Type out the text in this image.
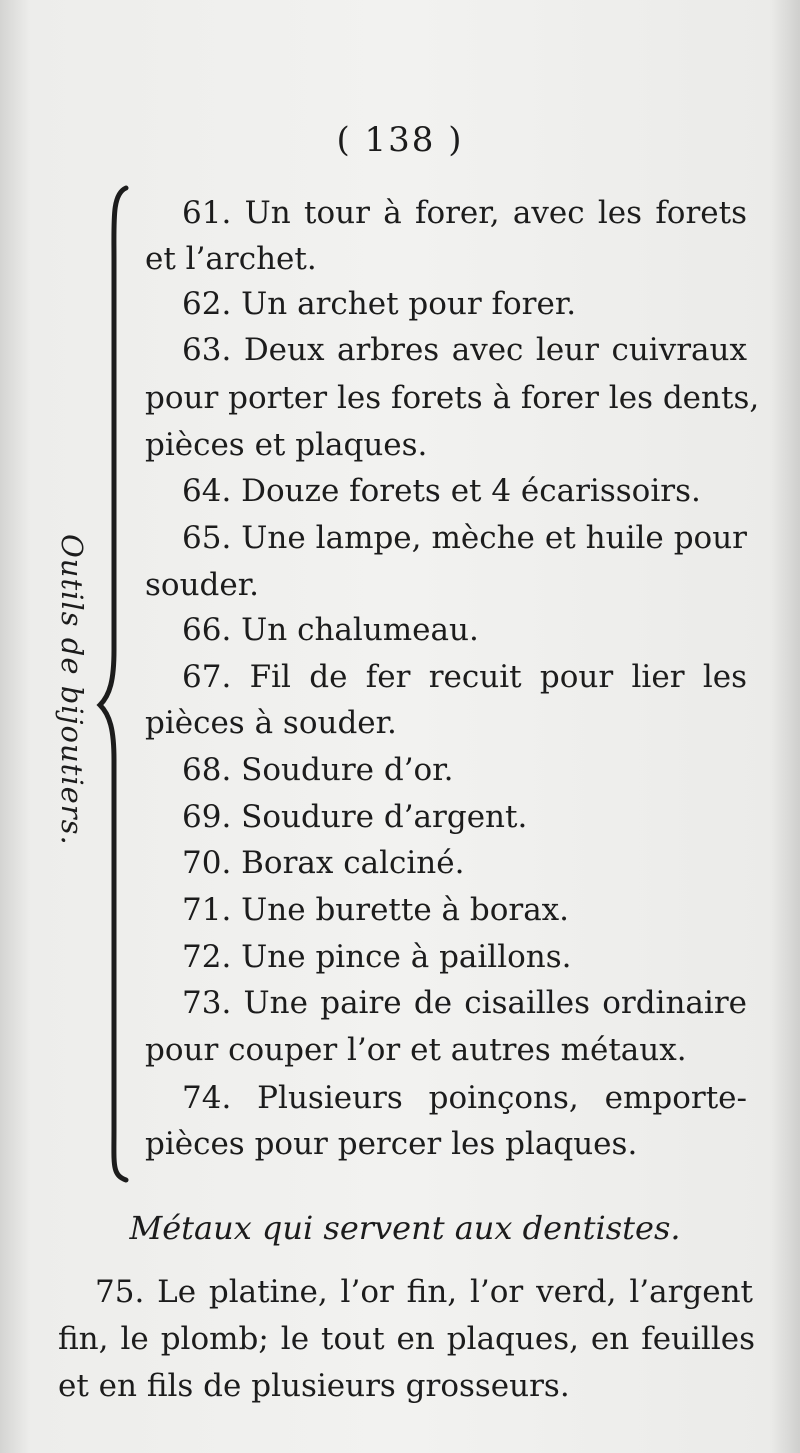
( 138 )
Outils de bijoutiers.
61. Un tour à forer, avec les forets
et l’archet.
62. Un archet pour forer.
63. Deux arbres avec leur cuivraux
pour porter les forets à forer les dents,
pièces et plaques.
64. Douze forets et 4 écarissoirs.
65. Une lampe, mèche et huile pour
souder.
66. Un chalumeau.
67. Fil de fer recuit pour lier les
pièces à souder.
68. Soudure d’or.
69. Soudure d’argent.
70. Borax calciné.
71. Une burette à borax.
72. Une pince à paillons.
73. Une paire de cisailles ordinaire
pour couper l’or et autres métaux.
74. Plusieurs poinçons, emporte-
pièces pour percer les plaques.
Métaux qui servent aux dentistes.
75. Le platine, l’or fin, l’or verd, l’argent
fin, le plomb; le tout en plaques, en feuilles
et en fils de plusieurs grosseurs.
